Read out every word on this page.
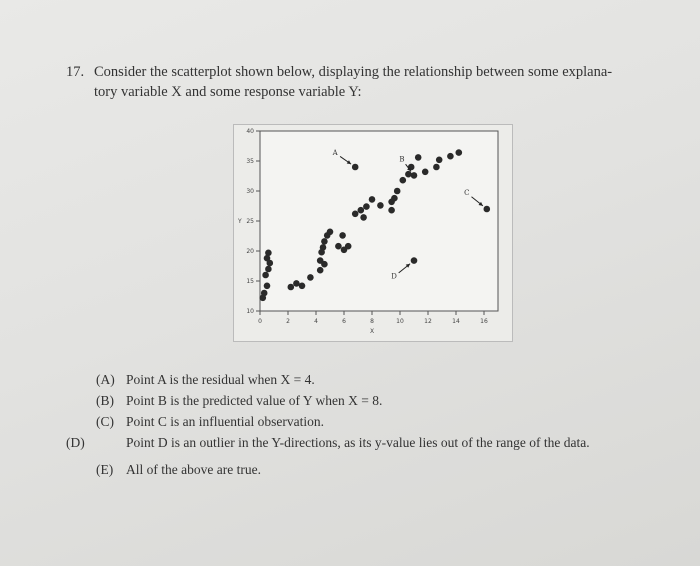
17. Consider the scatterplot shown below, displaying the relationship between some explana-
tory variable X and some response variable Y:
0	2	4	6	8	10	12	14	16
10
15
20
25
30
35
40
X
Y
A
B
C
D
(A) Point A is the residual when X = 4.
(B) Point B is the predicted value of Y when X = 8.
(C) Point C is an influential observation.
(D)	Point D is an outlier in the Y-directions, as its y-value lies out of the range of the data.
(E) All of the above are true.
